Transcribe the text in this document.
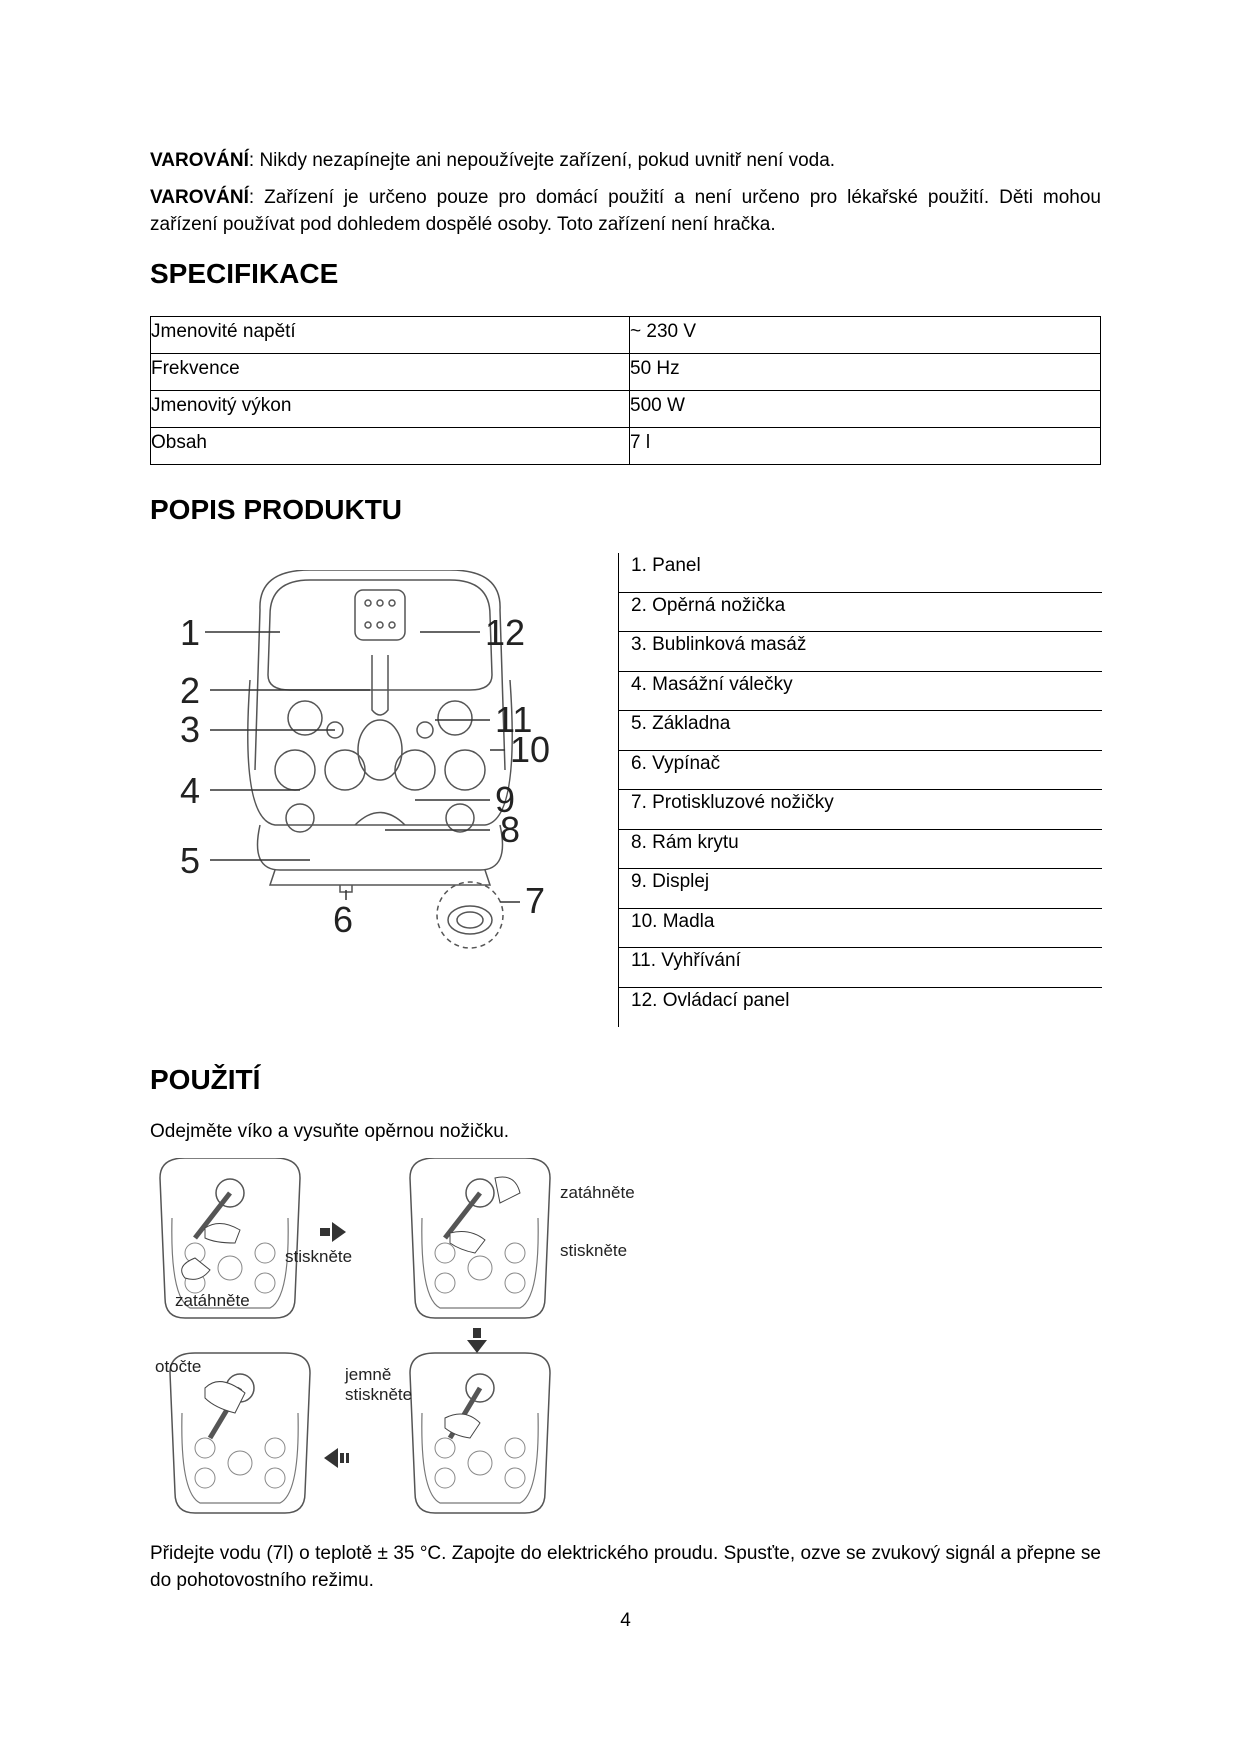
VAROVÁNÍ: Nikdy nezapínejte ani nepoužívejte zařízení, pokud uvnitř není voda.

VAROVÁNÍ: Zařízení je určeno pouze pro domácí použití a není určeno pro lékařské použití. Děti mohou zařízení používat pod dohledem dospělé osoby. Toto zařízení není hračka.

SPECIFIKACE
Jmenovité napětí	~ 230 V
Frekvence	50 Hz
Jmenovitý výkon	500 W
Obsah	7 l
POPIS PRODUKTU
1
2
3
4
5
6	7
8
9
10
11
12
1. Panel
2. Opěrná nožička
3. Bublinková masáž
4. Masážní válečky
5. Základna
6. Vypínač
7. Protiskluzové nožičky
8. Rám krytu
9. Displej
10. Madla
11. Vyhřívání
12. Ovládací panel
POUŽITÍ

Odejměte víko a vysuňte opěrnou nožičku.

stiskněte
zatáhněte
zatáhněte
stiskněte
otočte	jemně
stiskněte

Přidejte vodu (7l) o teplotě ± 35 °C. Zapojte do elektrického proudu. Spusťte, ozve se zvukový signál a přepne se do pohotovostního režimu.

4
